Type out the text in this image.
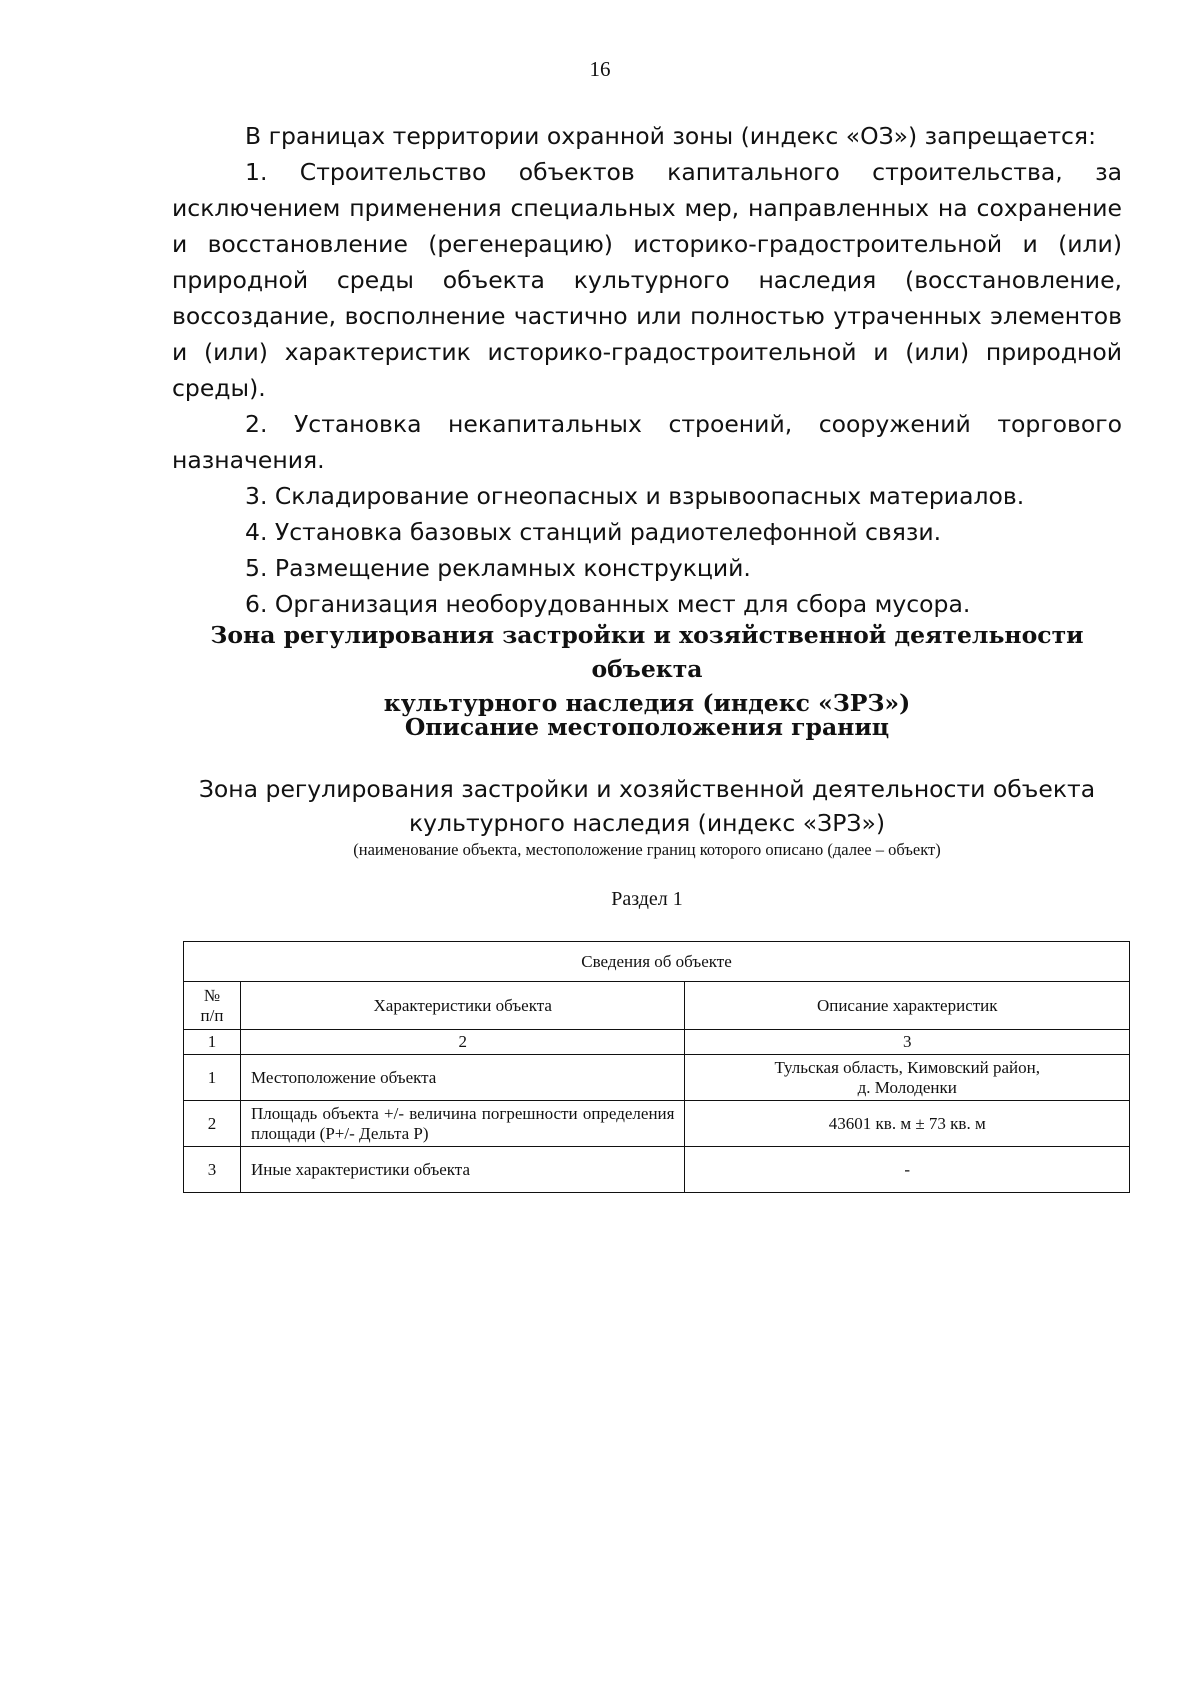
16

В границах территории охранной зоны (индекс «ОЗ») запрещается:

1. Строительство объектов капитального строительства, за исключением применения специальных мер, направленных на сохранение и восстановление (регенерацию) историко-градостроительной и (или) природной среды объекта культурного наследия (восстановление, воссоздание, восполнение частично или полностью утраченных элементов и (или) характеристик историко-градостроительной и (или) природной среды).

2. Установка некапитальных строений, сооружений торгового назначения.

3. Складирование огнеопасных и взрывоопасных материалов.

4. Установка базовых станций радиотелефонной связи.

5. Размещение рекламных конструкций.

6. Организация необорудованных мест для сбора мусора.

Зона регулирования застройки и хозяйственной деятельности объекта
культурного наследия (индекс «ЗРЗ»)
Описание местоположения границ
Зона регулирования застройки и хозяйственной деятельности объекта
культурного наследия (индекс «ЗРЗ»)
(наименование объекта, местоположение границ которого описано (далее – объект)
Раздел 1
Сведения об объекте		

№
п/п	Характеристики объекта	Описание характеристик
1	2	3
1	Местоположение объекта	Тульская область, Кимовский район,
д. Молоденки

2	Площадь объекта +/- величина погрешности определения площади (Р+/- Дельта Р)	43601 кв. м ± 73 кв. м
3	Иные характеристики объекта	-
